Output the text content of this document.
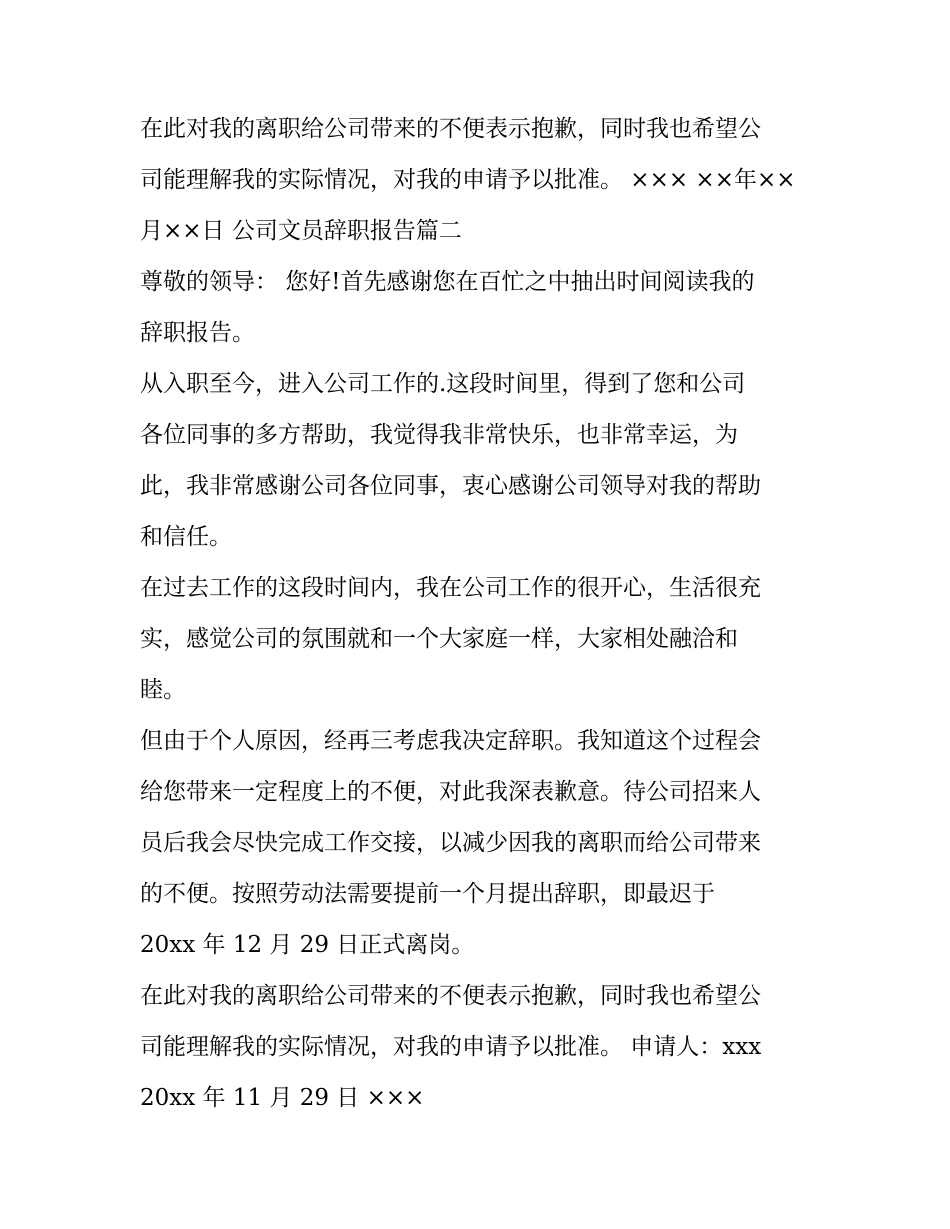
在此对我的离职给公司带来的不便表示抱歉，同时我也希望公
司能理解我的实际情况，对我的申请予以批准。 ××× ××年××
月××日 公司文员辞职报告篇二
尊敬的领导： 您好!首先感谢您在百忙之中抽出时间阅读我的
辞职报告。
从入职至今，进入公司工作的.这段时间里，得到了您和公司
各位同事的多方帮助，我觉得我非常快乐，也非常幸运，为
此，我非常感谢公司各位同事，衷心感谢公司领导对我的帮助
和信任。
在过去工作的这段时间内，我在公司工作的很开心，生活很充
实，感觉公司的氛围就和一个大家庭一样，大家相处融洽和
睦。
但由于个人原因，经再三考虑我决定辞职。我知道这个过程会
给您带来一定程度上的不便，对此我深表歉意。待公司招来人
员后我会尽快完成工作交接，以减少因我的离职而给公司带来
的不便。按照劳动法需要提前一个月提出辞职，即最迟于
20xx 年 12 月 29 日正式离岗。
在此对我的离职给公司带来的不便表示抱歉，同时我也希望公
司能理解我的实际情况，对我的申请予以批准。 申请人：xxx
20xx 年 11 月 29 日 ×××
